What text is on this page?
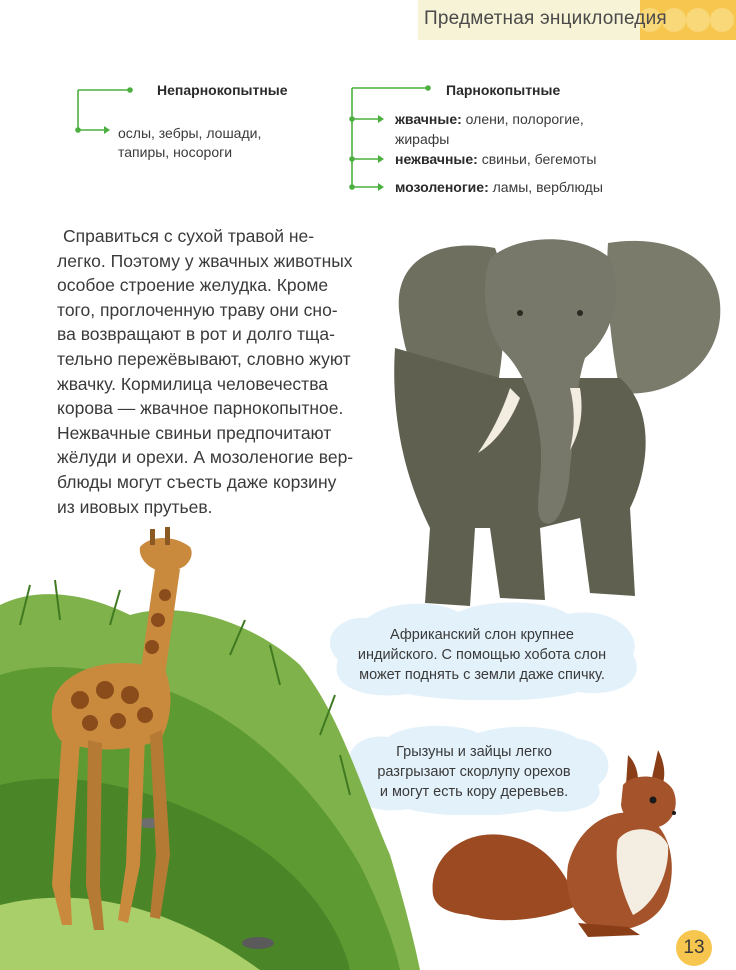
Предметная энциклопедия
Непарнокопытные
ослы, зебры, лошади,
тапиры, носороги
Парнокопытные
жвачные: олени, полорогие,
жирафы
нежвачные: свиньи, бегемоты
мозоленогие: ламы, верблюды
Справиться с сухой травой не-
легко. Поэтому у жвачных животных
особое строение желудка. Кроме
того, проглоченную траву они сно-
ва возвращают в рот и долго тща-
тельно пережёвывают, словно жуют
жвачку. Кормилица человечества
корова — жвачное парнокопытное.
Нежвачные свиньи предпочитают
жёлуди и орехи. А мозоленогие вер-
блюды могут съесть даже корзину
из ивовых прутьев.
Африканский слон крупнее
индийского. С помощью хобота слон
может поднять с земли даже спичку.
Грызуны и зайцы легко
разгрызают скорлупу орехов
и могут есть кору деревьев.
13
